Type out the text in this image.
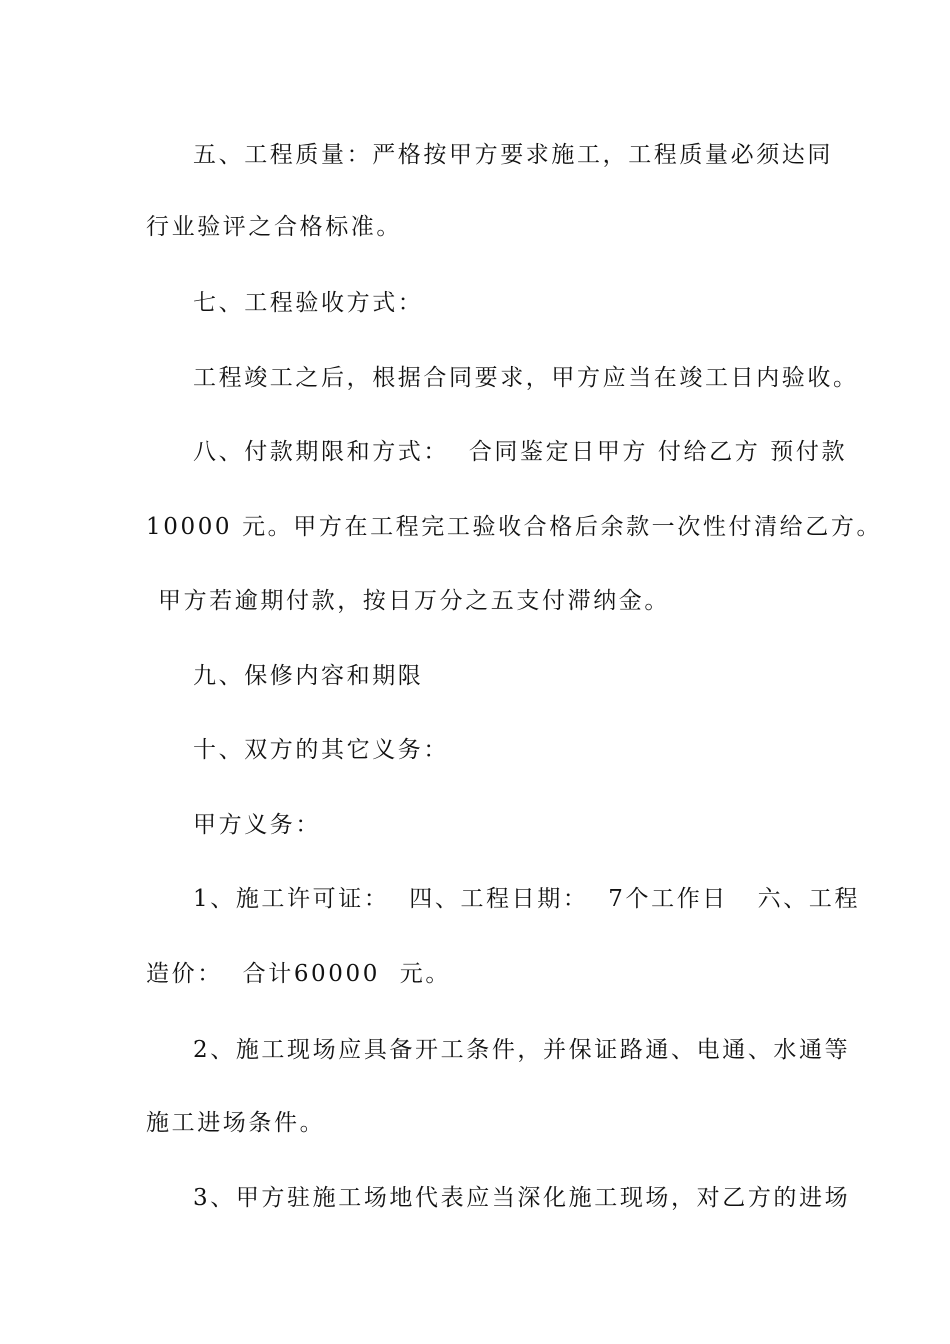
五、工程质量：严格按甲方要求施工，工程质量必须达同
行业验评之合格标准。
七、工程验收方式：
工程竣工之后，根据合同要求，甲方应当在竣工日内验收。
八、付款期限和方式：  合同鉴定日甲方 付给乙方 预付款
10000 元。甲方在工程完工验收合格后余款一次性付清给乙方。
甲方若逾期付款，按日万分之五支付滞纳金。
九、保修内容和期限
十、双方的其它义务：
甲方义务：
1、施工许可证：  四、工程日期：  7个工作日   六、工程
造价：  合计60000  元。
2、施工现场应具备开工条件，并保证路通、电通、水通等
施工进场条件。
3、甲方驻施工场地代表应当深化施工现场，对乙方的进场
